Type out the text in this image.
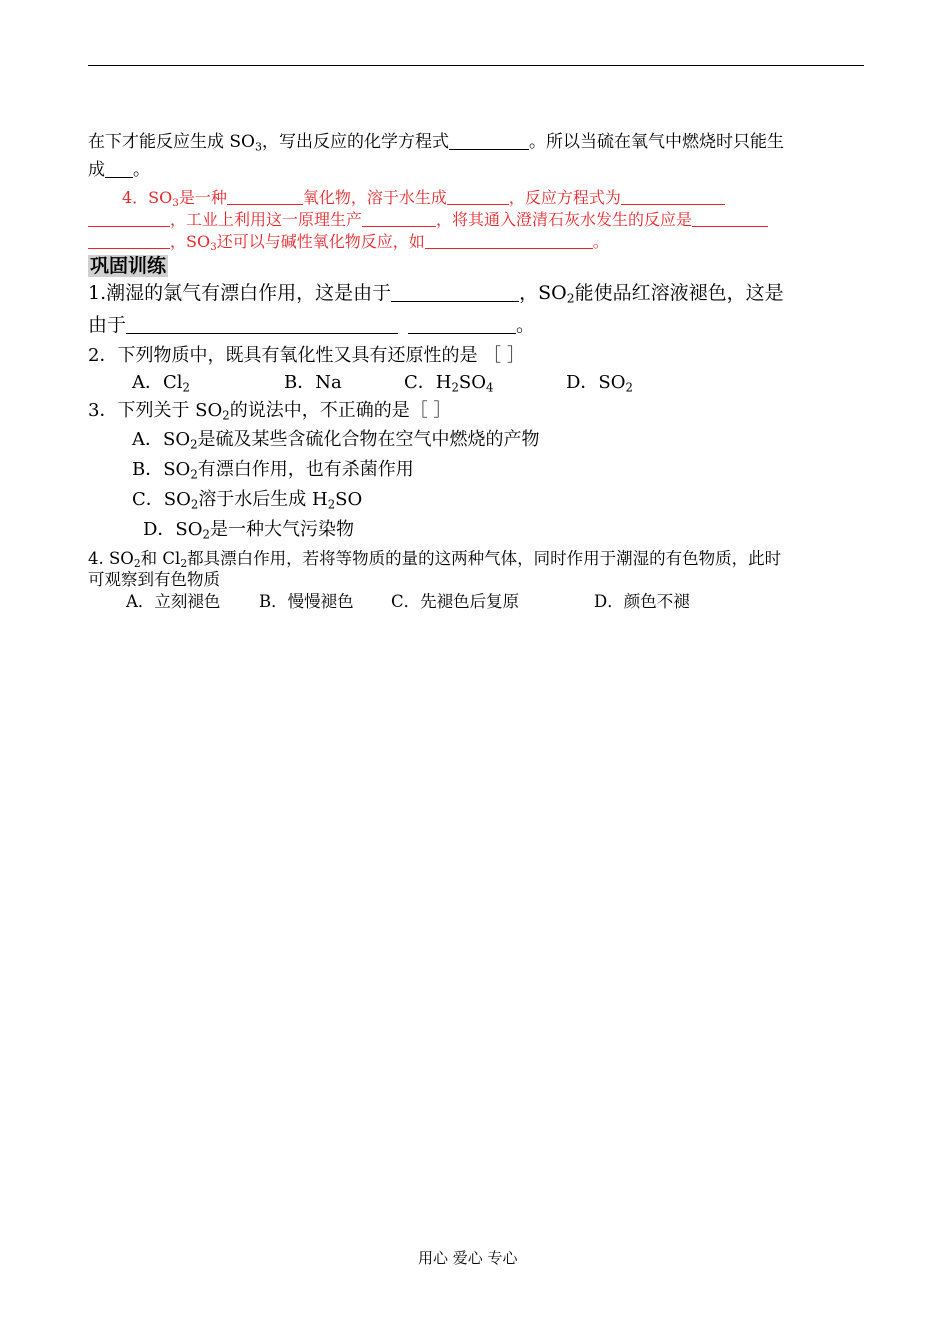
在下才能反应生成 $SO_3$，写出反应的化学方程式	。所以当硫在氧气中燃烧时只能生
成 。
4．$SO_3$是一种	氧化物，溶于水生成	，反应方程式为
，工业上利用这一原理生产	，将其通入澄清石灰水发生的反应是
，$SO_3$还可以与碱性氧化物反应，如	。
巩固训练
1.潮湿的氯气有漂白作用，这是由于	，$SO_2$能使品红溶液褪色，这是
由于	。
2．下列物质中，既具有氧化性又具有还原性的是 ［ ］
A．$Cl_2$	B．Na	C．$H_2SO_4$	D．$SO_2$
3．下列关于 $SO_2$的说法中，不正确的是［ ］
A．$SO_2$是硫及某些含硫化合物在空气中燃烧的产物
B．$SO_2$有漂白作用，也有杀菌作用
C．$SO_2$溶于水后生成 $H_2SO$
D．$SO_2$是一种大气污染物
4. $SO_2$和 $Cl_2$都具漂白作用，若将等物质的量的这两种气体，同时作用于潮湿的有色物质，此时
可观察到有色物质
A．立刻褪色 B．慢慢褪色 C．先褪色后复原	D．颜色不褪
用心 爱心 专心
